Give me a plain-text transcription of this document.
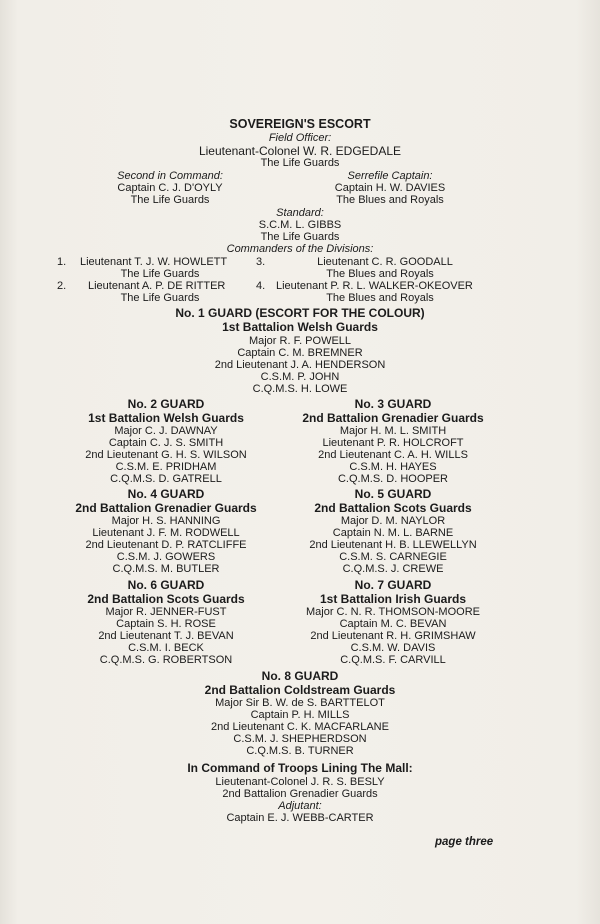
SOVEREIGN'S ESCORT
Field Officer:
Lieutenant-Colonel W. R. EDGEDALE
The Life Guards
Second in Command:
Captain C. J. D'OYLY
The Life Guards
Serrefile Captain:
Captain H. W. DAVIES
The Blues and Royals
Standard:
S.C.M. L. GIBBS
The Life Guards
Commanders of the Divisions:
1. Lieutenant T. J. W. HOWLETT
The Life Guards
2. Lieutenant A. P. DE RITTER
The Life Guards
3.	Lieutenant C. R. GOODALL
The Blues and Royals
4. Lieutenant P. R. L. WALKER-OKEOVER
The Blues and Royals
No. 1 GUARD (ESCORT FOR THE COLOUR)
1st Battalion Welsh Guards
Major R. F. POWELL
Captain C. M. BREMNER
2nd Lieutenant J. A. HENDERSON
C.S.M. P. JOHN
C.Q.M.S. H. LOWE
No. 2 GUARD
1st Battalion Welsh Guards
Major C. J. DAWNAY
Captain C. J. S. SMITH
2nd Lieutenant G. H. S. WILSON
C.S.M. E. PRIDHAM
C.Q.M.S. D. GATRELL
No. 3 GUARD
2nd Battalion Grenadier Guards
Major H. M. L. SMITH
Lieutenant P. R. HOLCROFT
2nd Lieutenant C. A. H. WILLS
C.S.M. H. HAYES
C.Q.M.S. D. HOOPER
No. 4 GUARD
2nd Battalion Grenadier Guards
Major H. S. HANNING
Lieutenant J. F. M. RODWELL
2nd Lieutenant D. P. RATCLIFFE
C.S.M. J. GOWERS
C.Q.M.S. M. BUTLER
No. 5 GUARD
2nd Battalion Scots Guards
Major D. M. NAYLOR
Captain N. M. L. BARNE
2nd Lieutenant H. B. LLEWELLYN
C.S.M. S. CARNEGIE
C.Q.M.S. J. CREWE
No. 6 GUARD
2nd Battalion Scots Guards
Major R. JENNER-FUST
Captain S. H. ROSE
2nd Lieutenant T. J. BEVAN
C.S.M. I. BECK
C.Q.M.S. G. ROBERTSON
No. 7 GUARD
1st Battalion Irish Guards
Major C. N. R. THOMSON-MOORE
Captain M. C. BEVAN
2nd Lieutenant R. H. GRIMSHAW
C.S.M. W. DAVIS
C.Q.M.S. F. CARVILL
No. 8 GUARD
2nd Battalion Coldstream Guards
Major Sir B. W. de S. BARTTELOT
Captain P. H. MILLS
2nd Lieutenant C. K. MACFARLANE
C.S.M. J. SHEPHERDSON
C.Q.M.S. B. TURNER
In Command of Troops Lining The Mall:
Lieutenant-Colonel J. R. S. BESLY
2nd Battalion Grenadier Guards
Adjutant:
Captain E. J. WEBB-CARTER
page three
